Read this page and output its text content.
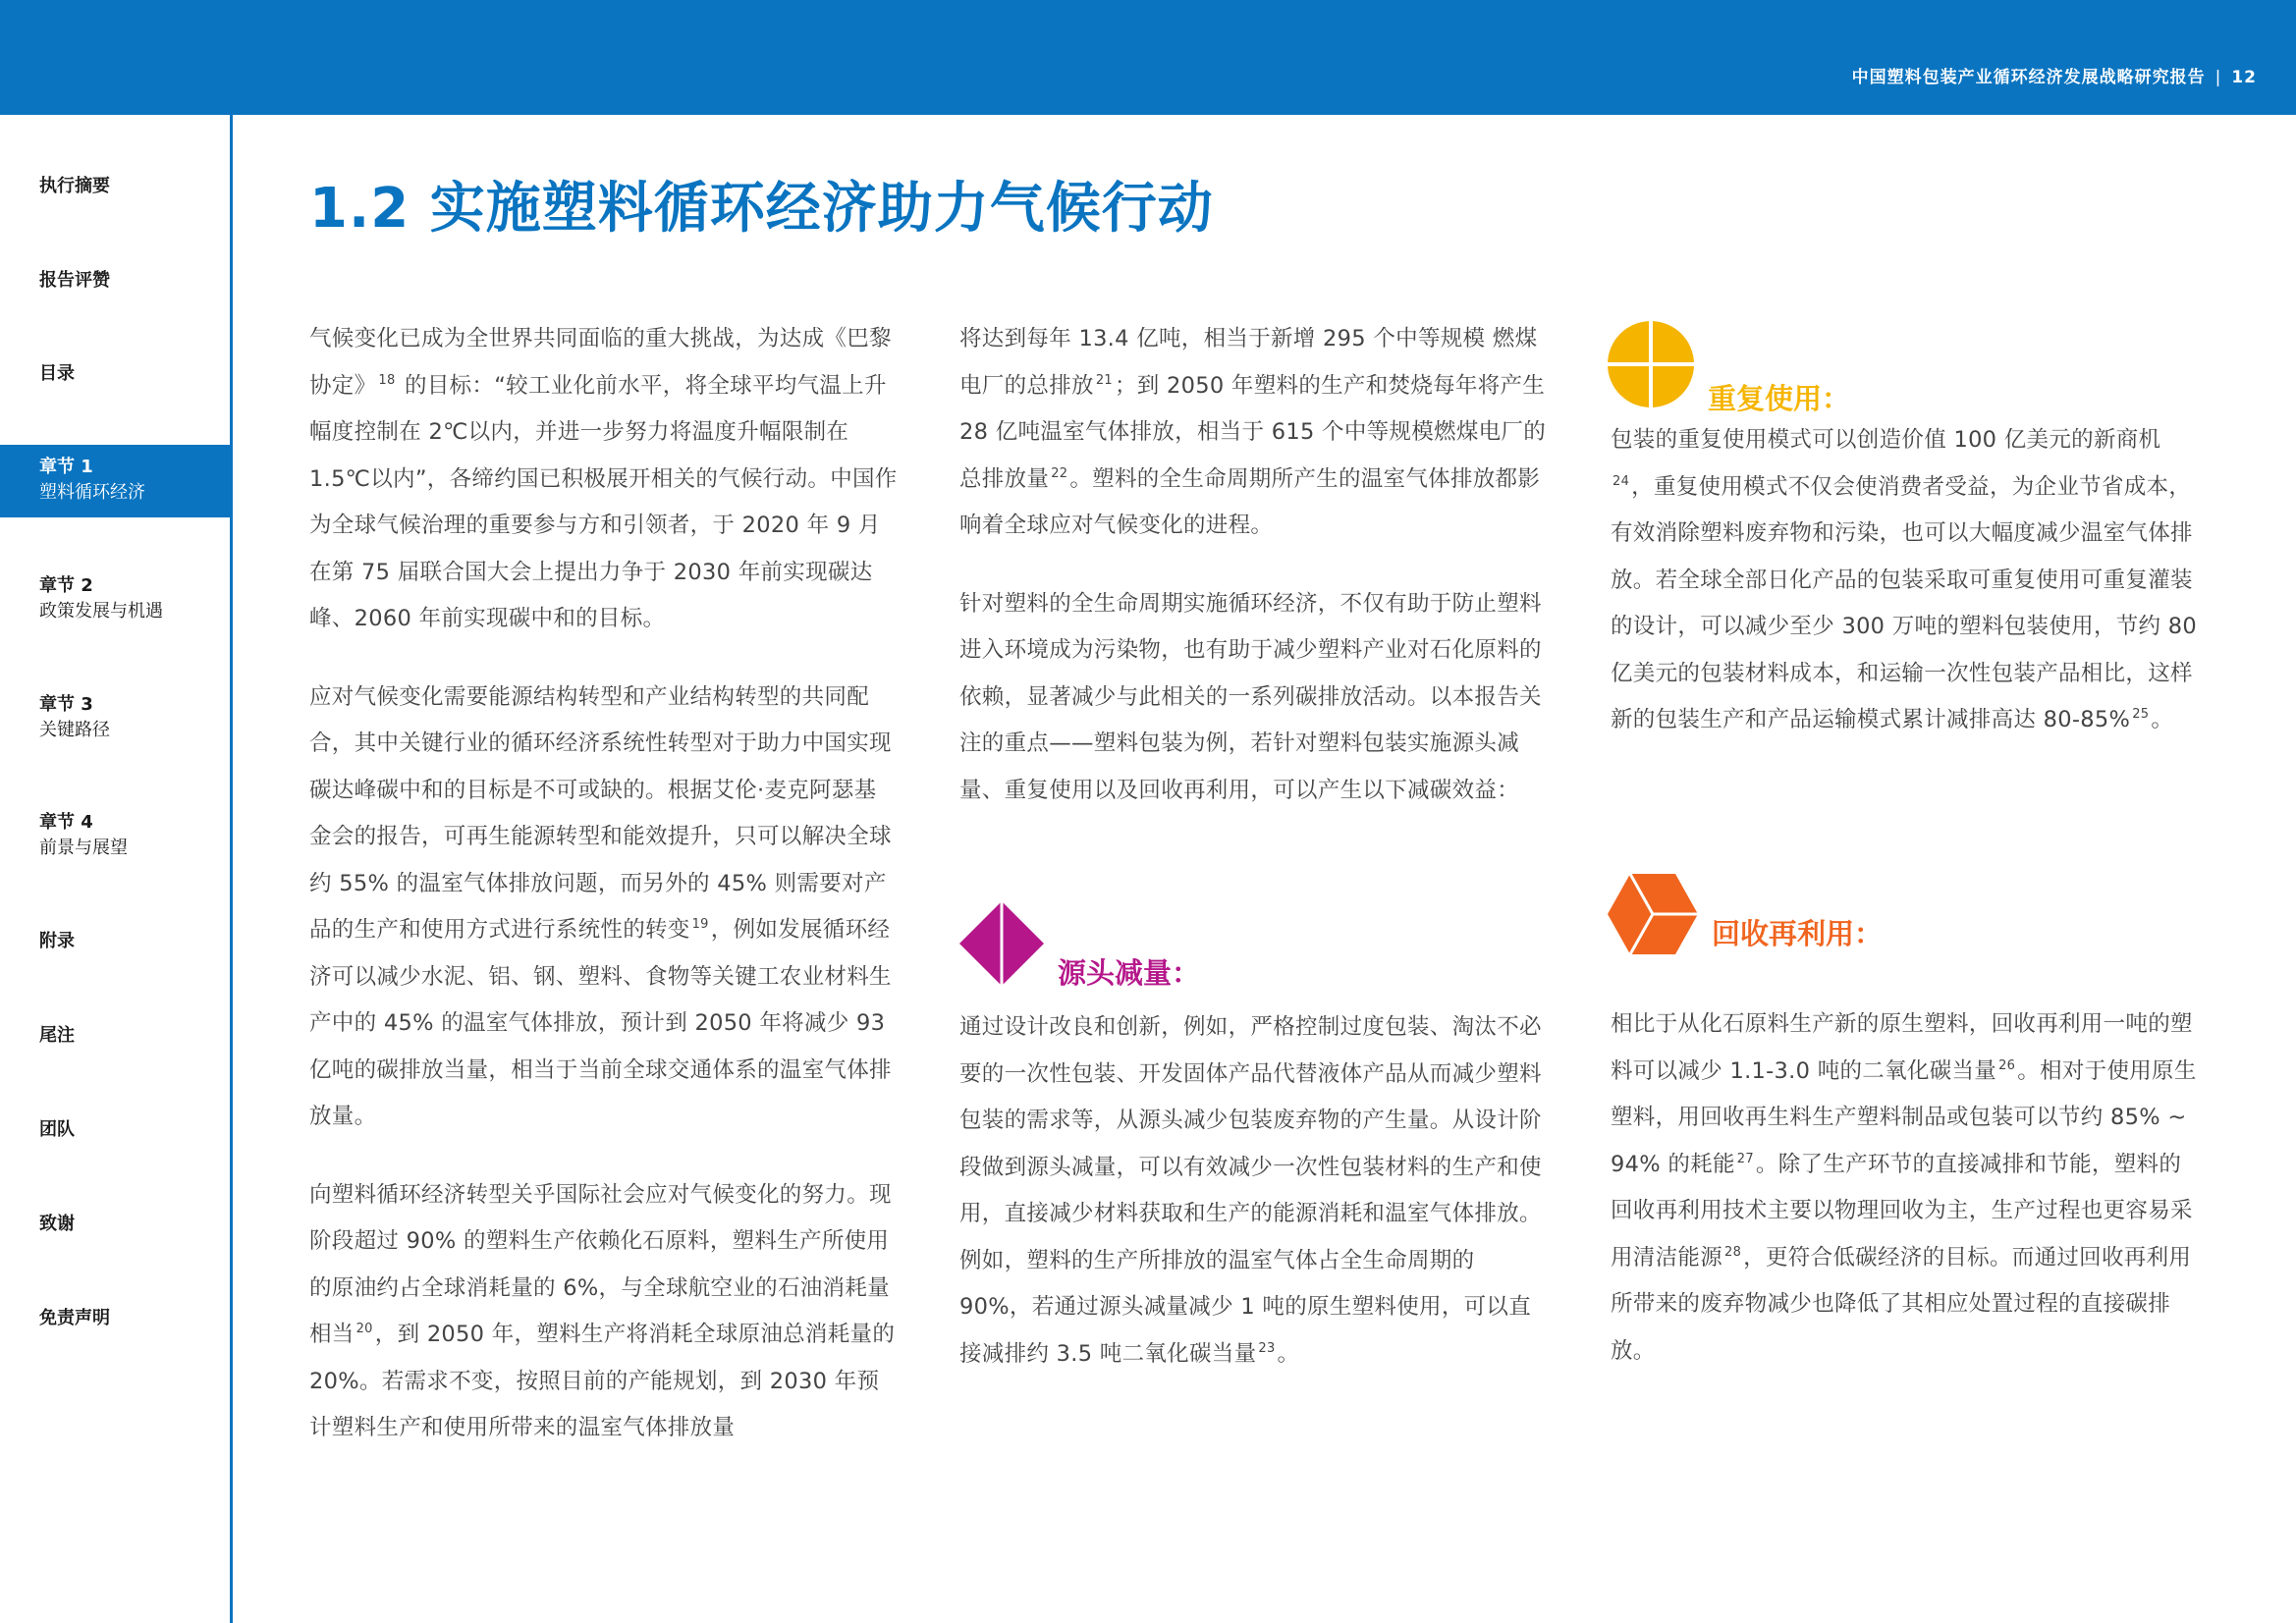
中国塑料包装产业循环经济发展战略研究报告 | 12
执行摘要
报告评赞
目录
章节 1
塑料循环经济
章节 2
政策发展与机遇
章节 3
关键路径
章节 4
前景与展望
附录
尾注
团队
致谢
免责声明
1.2 实施塑料循环经济助力气候行动

气候变化已成为全世界共同面临的重大挑战，为达成《巴黎协定》 $^{18}$ 的目标：“较工业化前水平，将全球平均气温上升幅度控制在 2℃以内，并进一步努力将温度升幅限制在 1.5℃以内”，各缔约国已积极展开相关的气候行动。中国作为全球气候治理的重要参与方和引领者，于 2020 年 9 月在第 75 届联合国大会上提出力争于 2030 年前实现碳达峰、2060 年前实现碳中和的目标。

应对气候变化需要能源结构转型和产业结构转型的共同配合，其中关键行业的循环经济系统性转型对于助力中国实现碳达峰碳中和的目标是不可或缺的。根据艾伦·麦克阿瑟基金会的报告，可再生能源转型和能效提升，只可以解决全球约 55% 的温室气体排放问题，而另外的 45% 则需要对产品的生产和使用方式进行系统性的转变 $^{19}$，例如发展循环经济可以减少水泥、铝、钢、塑料、食物等关键工农业材料生产中的 45% 的温室气体排放，预计到 2050 年将减少 93 亿吨的碳排放当量，相当于当前全球交通体系的温室气体排放量。

向塑料循环经济转型关乎国际社会应对气候变化的努力。现阶段超过 90% 的塑料生产依赖化石原料，塑料生产所使用的原油约占全球消耗量的 6%，与全球航空业的石油消耗量相当 $^{20}$，到 2050 年，塑料生产将消耗全球原油总消耗量的 20%。若需求不变，按照目前的产能规划，到 2030 年预计塑料生产和使用所带来的温室气体排放量

将达到每年 13.4 亿吨，相当于新增 295 个中等规模 燃煤电厂的总排放 $^{21}$；到 2050 年塑料的生产和焚烧每年将产生 28 亿吨温室气体排放，相当于 615 个中等规模燃煤电厂的总排放量 $^{22}$。塑料的全生命周期所产生的温室气体排放都影响着全球应对气候变化的进程。

针对塑料的全生命周期实施循环经济，不仅有助于防止塑料进入环境成为污染物，也有助于减少塑料产业对石化原料的依赖，显著减少与此相关的一系列碳排放活动。以本报告关注的重点——塑料包装为例，若针对塑料包装实施源头减量、重复使用以及回收再利用，可以产生以下减碳效益：

源头减量：

通过设计改良和创新，例如，严格控制过度包装、淘汰不必要的一次性包装、开发固体产品代替液体产品从而减少塑料包装的需求等，从源头减少包装废弃物的产生量。从设计阶段做到源头减量，可以有效减少一次性包装材料的生产和使用，直接减少材料获取和生产的能源消耗和温室气体排放。例如，塑料的生产所排放的温室气体占全生命周期的 90%，若通过源头减量减少 1 吨的原生塑料使用，可以直接减排约 3.5 吨二氧化碳当量 $^{23}$。

重复使用：

包装的重复使用模式可以创造价值 100 亿美元的新商机$^{24}$，重复使用模式不仅会使消费者受益，为企业节省成本，有效消除塑料废弃物和污染，也可以大幅度减少温室气体排放。若全球全部日化产品的包装采取可重复使用可重复灌装的设计，可以减少至少 300 万吨的塑料包装使用，节约 80 亿美元的包装材料成本，和运输一次性包装产品相比，这样新的包装生产和产品运输模式累计减排高达 80-85% $^{25}$。

回收再利用：

相比于从化石原料生产新的原生塑料，回收再利用一吨的塑料可以减少 1.1-3.0 吨的二氧化碳当量 $^{26}$。相对于使用原生塑料，用回收再生料生产塑料制品或包装可以节约 85% ~ 94% 的耗能 $^{27}$。除了生产环节的直接减排和节能，塑料的回收再利用技术主要以物理回收为主，生产过程也更容易采用清洁能源 $^{28}$，更符合低碳经济的目标。而通过回收再利用所带来的废弃物减少也降低了其相应处置过程的直接碳排放。
